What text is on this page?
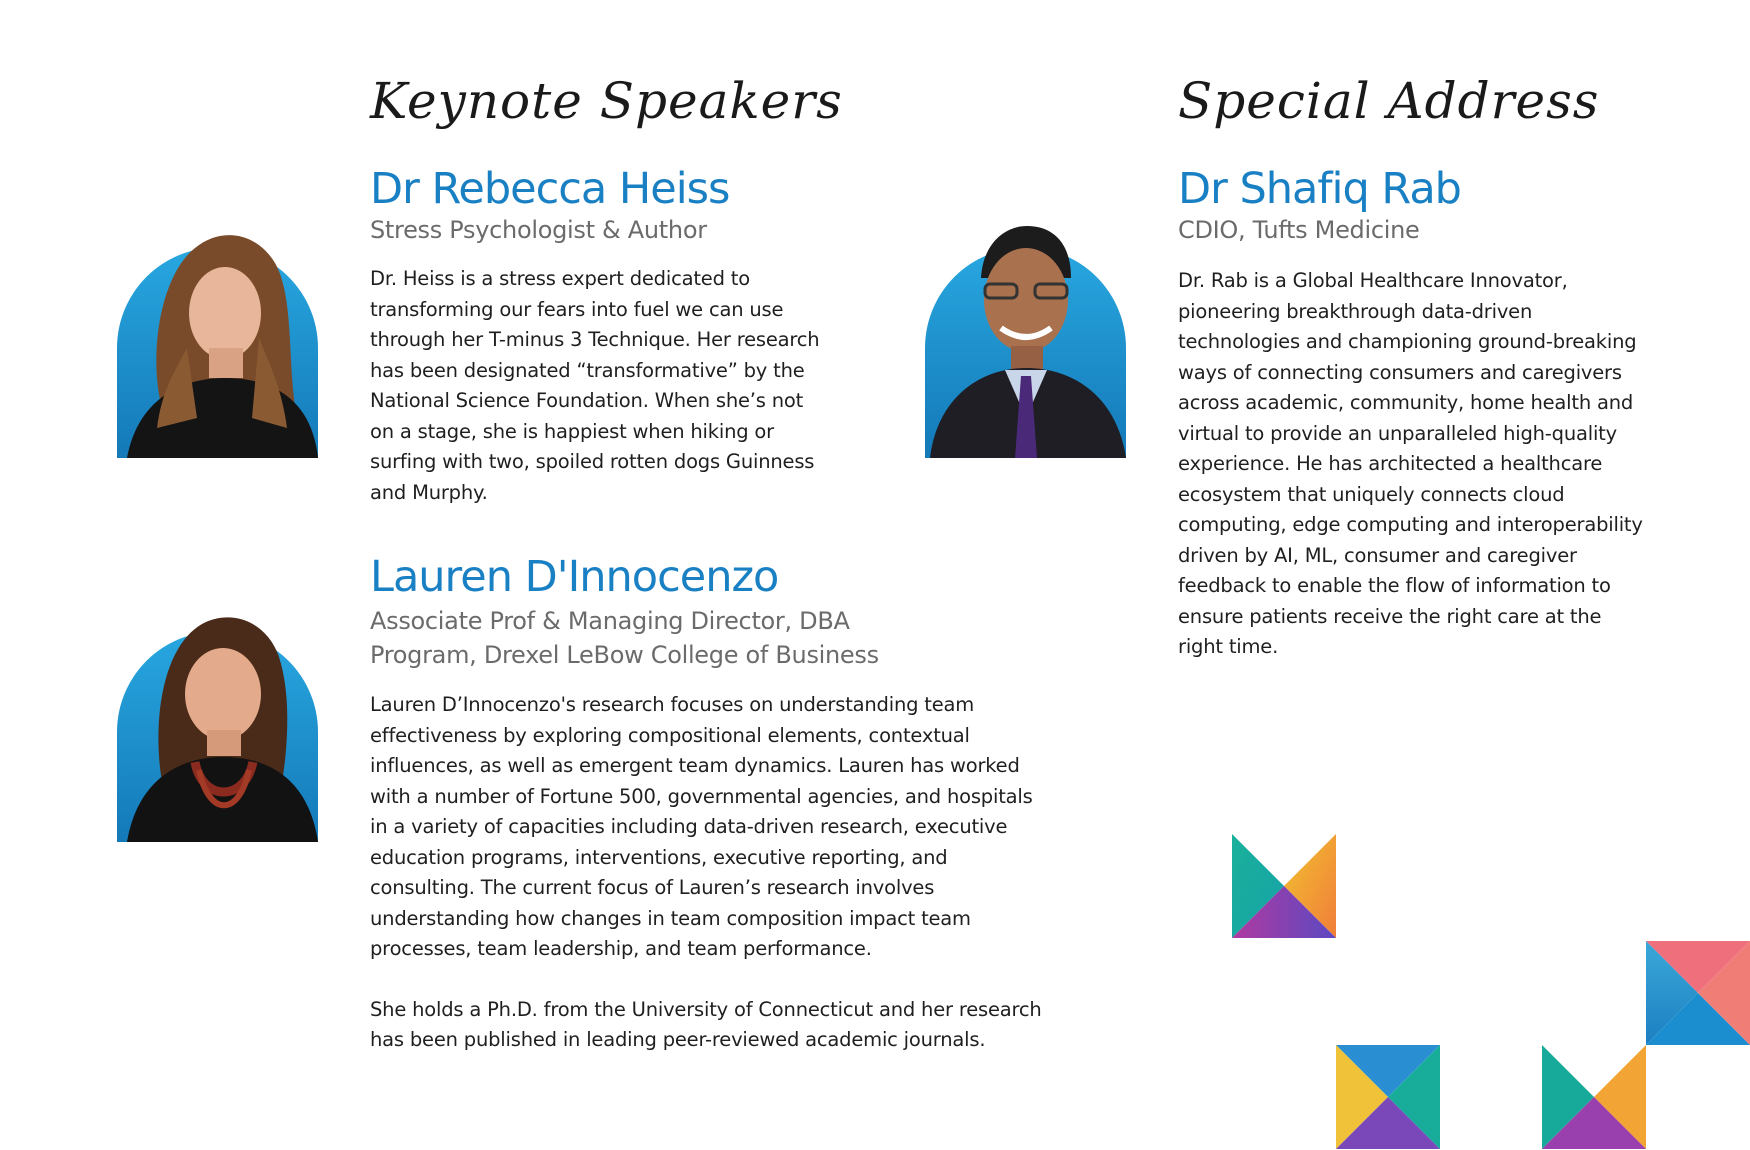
Keynote Speakers
Dr Rebecca Heiss
Stress Psychologist & Author

Dr. Heiss is a stress expert dedicated to transforming our fears into fuel we can use through her T-minus 3 Technique. Her research has been designated “transformative” by the National Science Foundation. When she’s not on a stage, she is happiest when hiking or surfing with two, spoiled rotten dogs Guinness and Murphy.

Lauren D'Innocenzo
Associate Prof & Managing Director, DBA Program, Drexel LeBow College of Business

Lauren D’Innocenzo's research focuses on understanding team effectiveness by exploring compositional elements, contextual influences, as well as emergent team dynamics. Lauren has worked with a number of Fortune 500, governmental agencies, and hospitals in a variety of capacities including data-driven research, executive education programs, interventions, executive reporting, and consulting. The current focus of Lauren’s research involves understanding how changes in team composition impact team processes, team leadership, and team performance.

She holds a Ph.D. from the University of Connecticut and her research has been published in leading peer-reviewed academic journals.

Special Address
Dr Shafiq Rab
CDIO, Tufts Medicine

Dr. Rab is a Global Healthcare Innovator, pioneering breakthrough data-driven technologies and championing ground-breaking ways of connecting consumers and caregivers across academic, community, home health and virtual to provide an unparalleled high-quality experience. He has architected a healthcare ecosystem that uniquely connects cloud computing, edge computing and interoperability driven by AI, ML, consumer and caregiver feedback to enable the flow of information to ensure patients receive the right care at the right time.
